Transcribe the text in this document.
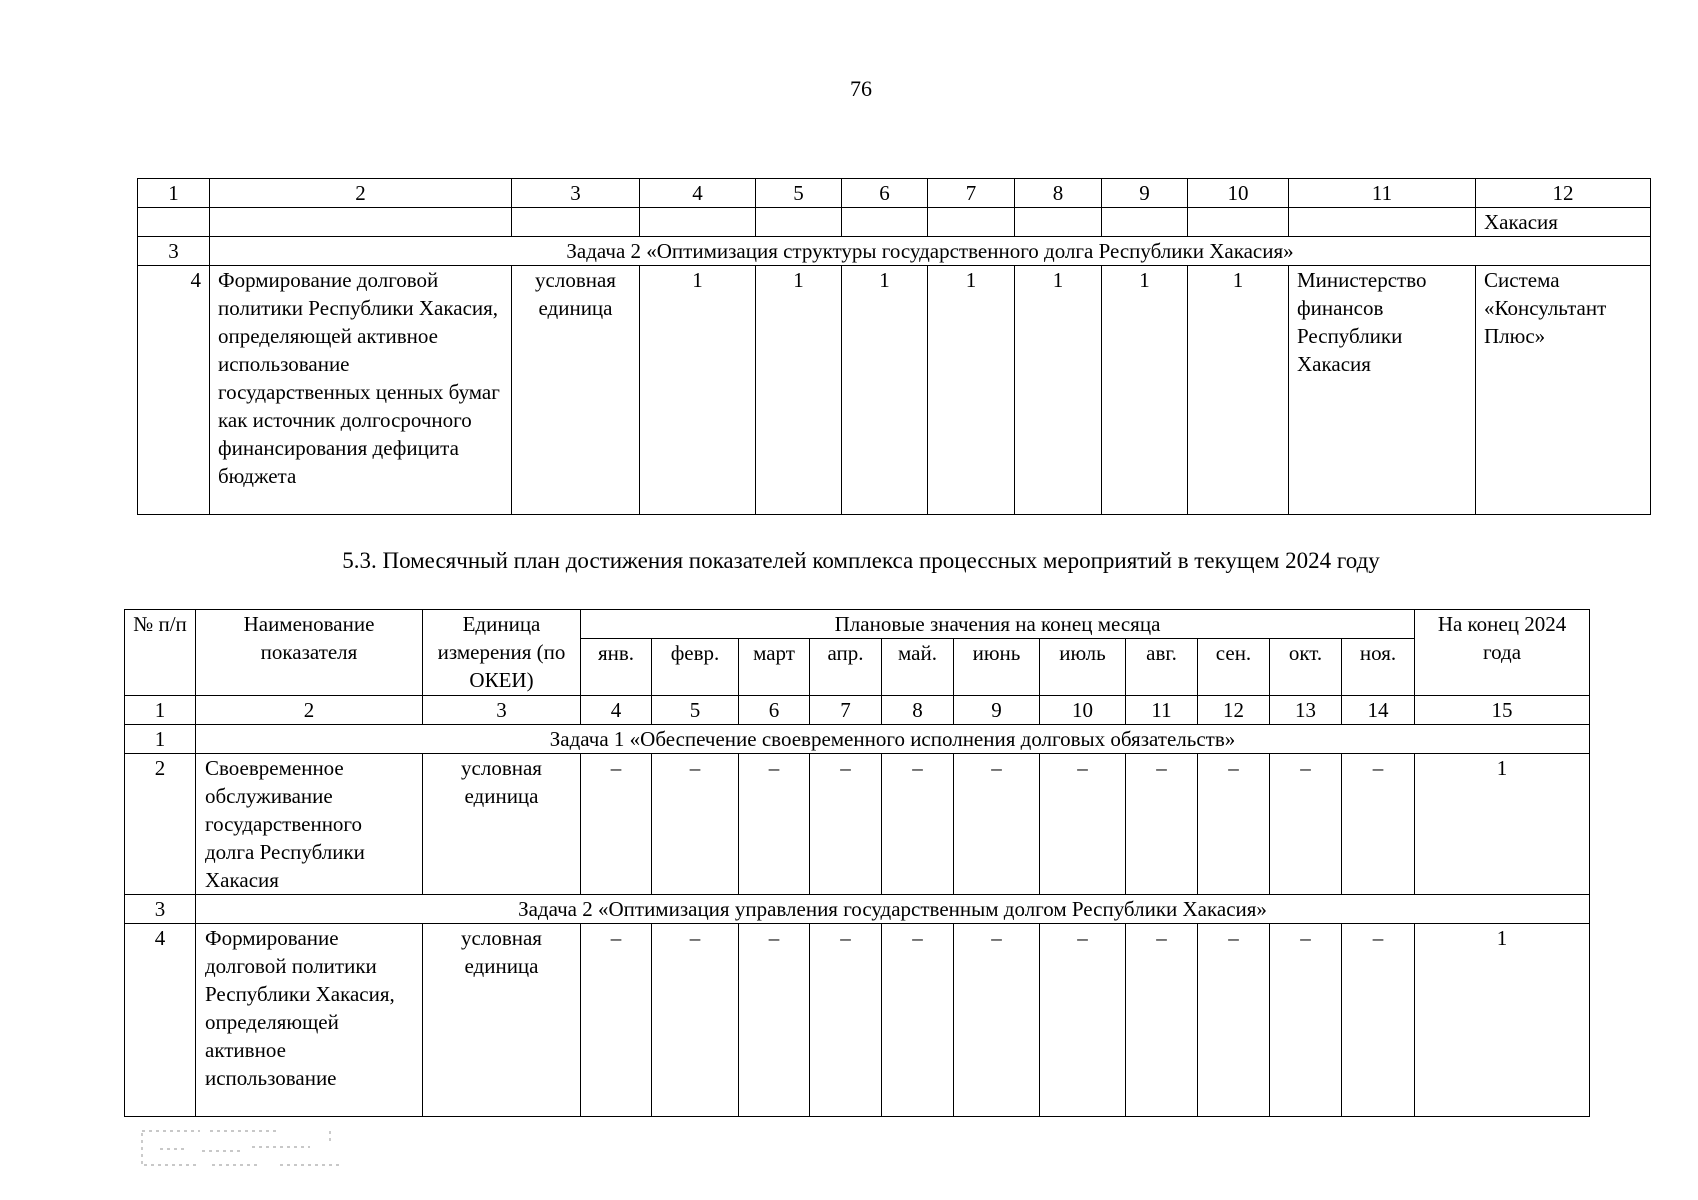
76
1	2	3	4	5	6	7	8	9	10	11	12
											Хакасия
3	Задача 2 «Оптимизация структуры государственного долга Республики Хакасия»										
4	Формирование долговой политики Республики Хакасия, определяющей активное использование государственных ценных бумаг как источник долгосрочного финансирования дефицита бюджета	условная единица	1	1	1	1	1	1	1	Министерство финансов Республики Хакасия	Система «Консультант Плюс»
5.3. Помесячный план достижения показателей комплекса процессных мероприятий в текущем 2024 году
№ п/п	Наименование показателя	Единица измерения (по ОКЕИ)	Плановые значения на конец месяца											На конец 2024 года
			янв.	февр.	март	апр.	май.	июнь	июль	авг.	сен.	окт.	ноя.	
1	2	3	4	5	6	7	8	9	10	11	12	13	14	15
1	Задача 1 «Обеспечение своевременного исполнения долговых обязательств»													
2	Своевременное обслуживание государственного долга Республики Хакасия	условная единица	–	–	–	–	–	–	–	–	–	–	–	1
3	Задача 2 «Оптимизация управления государственным долгом Республики Хакасия»													
4	Формирование долговой политики Республики Хакасия, определяющей активное использование	условная единица	–	–	–	–	–	–	–	–	–	–	–	1
